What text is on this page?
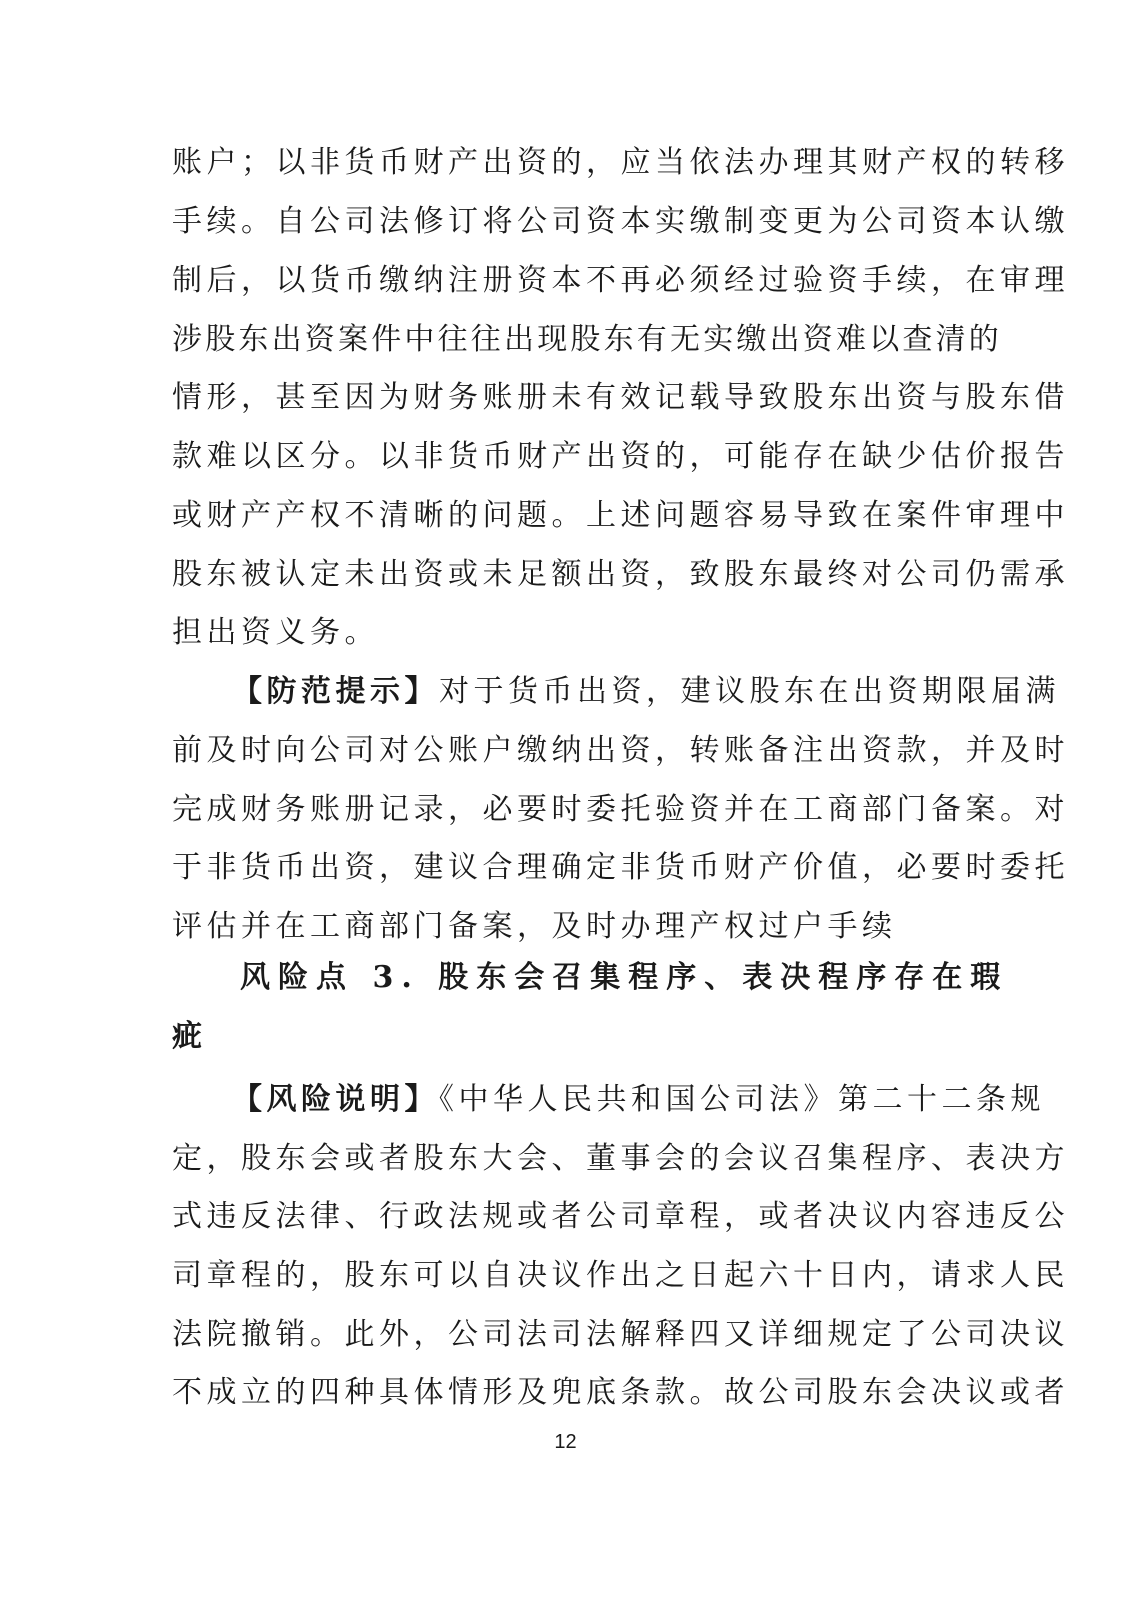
账户；以非货币财产出资的，应当依法办理其财产权的转移
手续。自公司法修订将公司资本实缴制变更为公司资本认缴
制后，以货币缴纳注册资本不再必须经过验资手续，在审理
涉股东出资案件中往往出现股东有无实缴出资难以查清的
情形，甚至因为财务账册未有效记载导致股东出资与股东借
款难以区分。以非货币财产出资的，可能存在缺少估价报告
或财产产权不清晰的问题。上述问题容易导致在案件审理中
股东被认定未出资或未足额出资，致股东最终对公司仍需承
担出资义务。
【防范提示】对于货币出资，建议股东在出资期限届满
前及时向公司对公账户缴纳出资，转账备注出资款，并及时
完成财务账册记录，必要时委托验资并在工商部门备案。对
于非货币出资，建议合理确定非货币财产价值，必要时委托
评估并在工商部门备案，及时办理产权过户手续
风险点 3. 股东会召集程序、表决程序存在瑕
疵
【风险说明】《中华人民共和国公司法》第二十二条规
定，股东会或者股东大会、董事会的会议召集程序、表决方
式违反法律、行政法规或者公司章程，或者决议内容违反公
司章程的，股东可以自决议作出之日起六十日内，请求人民
法院撤销。此外，公司法司法解释四又详细规定了公司决议
不成立的四种具体情形及兜底条款。故公司股东会决议或者
12
